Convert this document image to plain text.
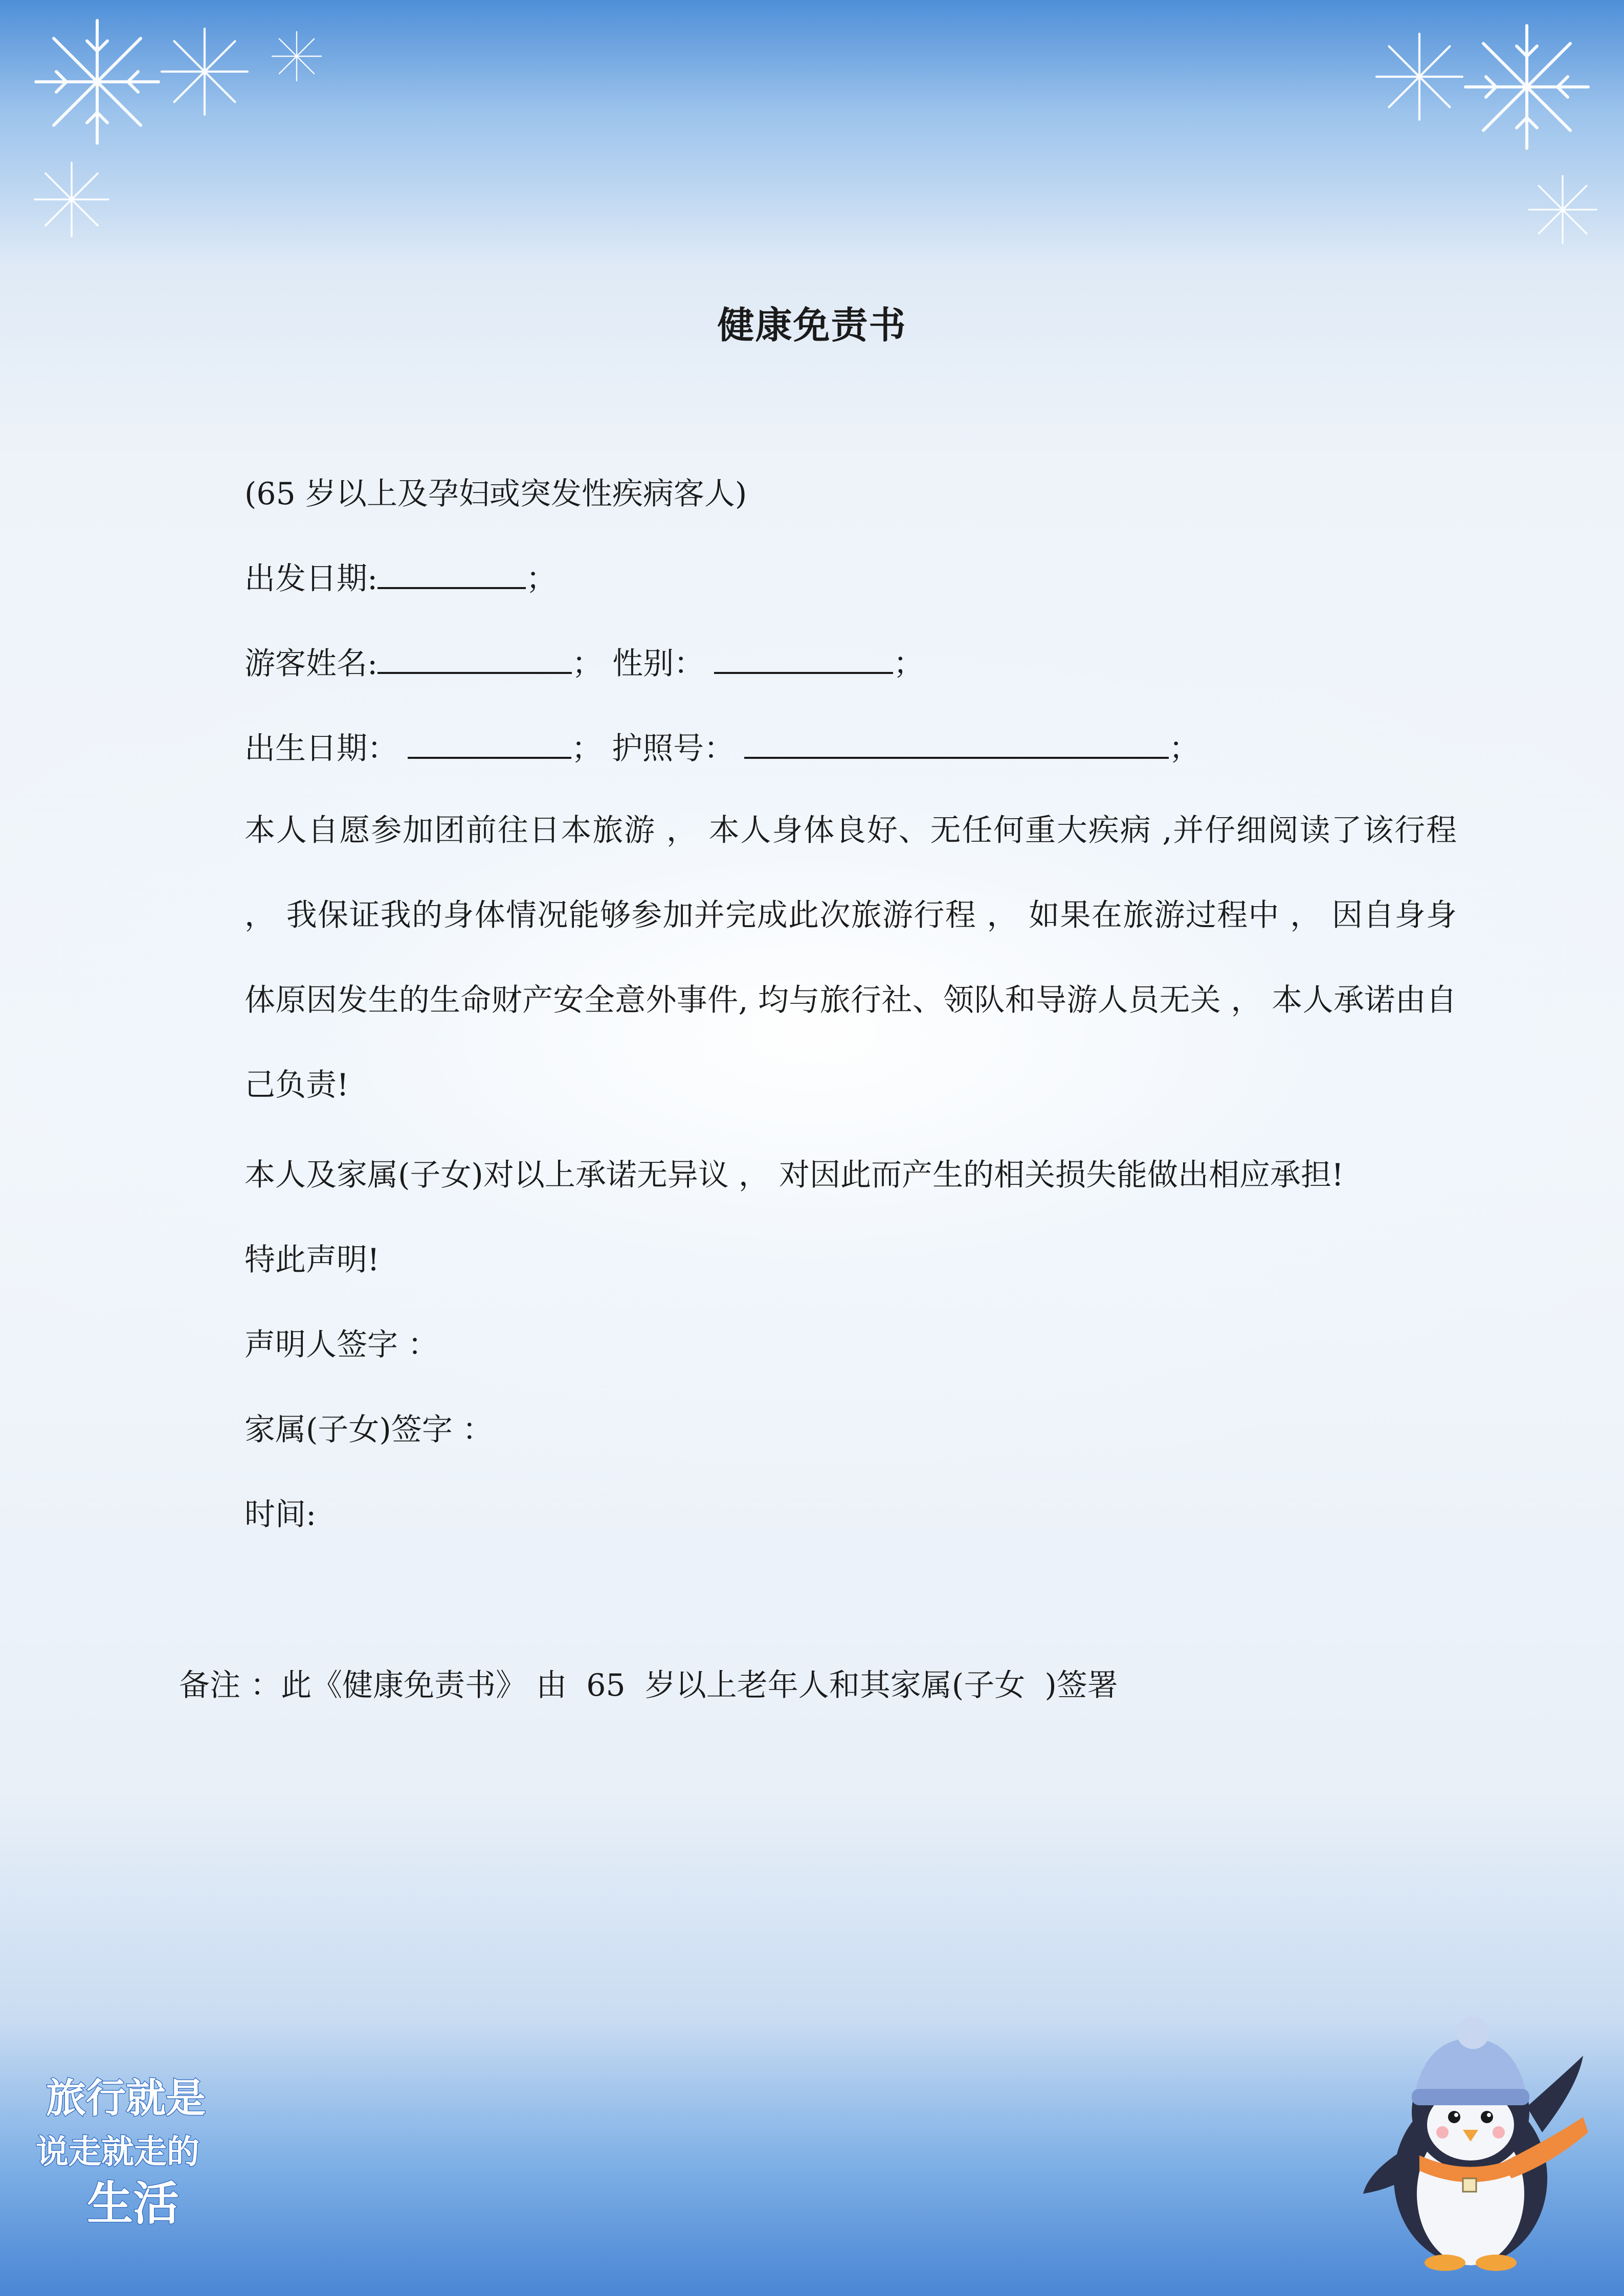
健康免责书
(65 岁以上及孕妇或突发性疾病客人)
出发日期:	；
游客姓名:	； 性别：	；
出生日期：	； 护照号：	；
本人自愿参加团前往日本旅游 ， 本人身体良好、无任何重大疾病 ,并仔细阅读了该行程 ， 我保证我的身体情况能够参加并完成此次旅游行程 ， 如果在旅游过程中 ， 因自身身体原因发生的生命财产安全意外事件, 均与旅行社、领队和导游人员无关 ， 本人承诺由自己负责!
本人及家属(子女)对以上承诺无异议 ， 对因此而产生的相关损失能做出相应承担!
特此声明!
声明人签字 ：
家属(子女)签字 ：
时间:
备注 ：此《健康免责书》 由  65  岁以上老年人和其家属(子女  )签署
旅行就是
说走就走的
生活
